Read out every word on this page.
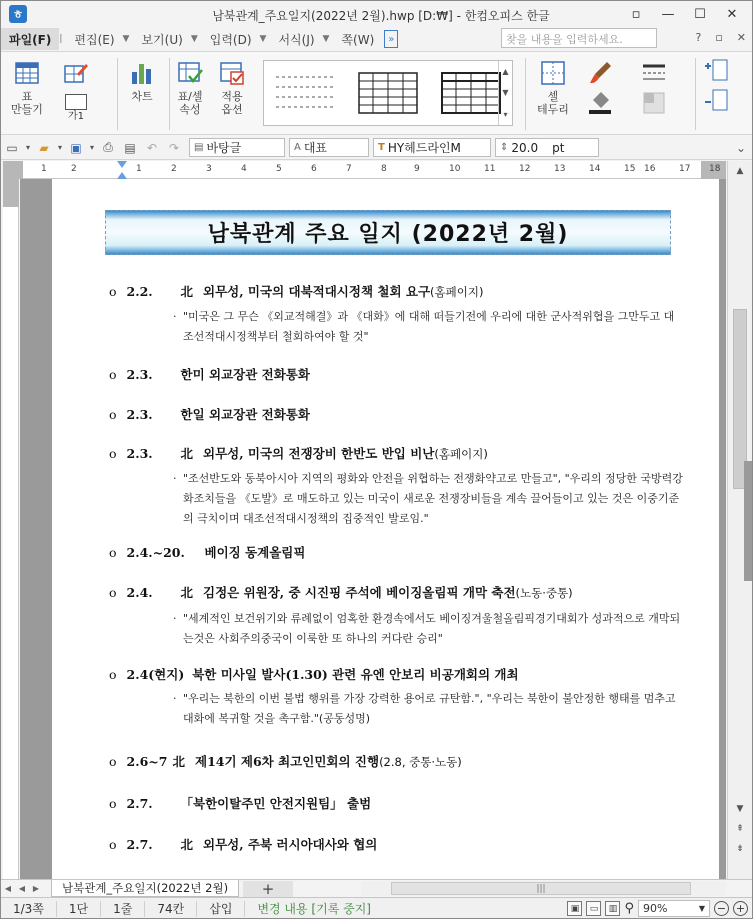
ㅎ	남북관계_주요일지(2022년 2월).hwp [D:₩] - 한컴오피스 한글	▫	—	☐	✕
파일(F) |	편집(E) ▼	보기(U) ▼	입력(D) ▼	서식(J) ▼	쪽(W)	»	찾을 내용을 입력하세요.	? ▫ ✕
표
만들기
가1
차트 표/셀
속성
적용
옵션
▲
▼
▾
셀
테두리
▭	▾ ▰	▾ ▣	▾ ⎙ ▤ ↶ ↷	▤ 바탕글	A 대표	T HY헤드라인M	⇕ 20.0 pt	⌄
1	2	1	2	3	4	5	6	7	8	9	10	11	12	13	14	15 16	17 18
남북관계 주요 일지 (2022년 2월)
o 2.2. 北 외무성, 미국의 대북적대시정책 철회 요구(홈페이지)
· "미국은 그 무슨 《외교적해결》과 《대화》에 대해 떠들기전에 우리에 대한 군사적위협을 그만두고 대조선적대시정책부터 철회하여야 할 것"
o 2.3. 한미 외교장관 전화통화
o 2.3. 한일 외교장관 전화통화
o 2.3. 北 외무성, 미국의 전쟁장비 한반도 반입 비난(홈페이지)
· "조선반도와 동북아시아 지역의 평화와 안전을 위협하는 전쟁화약고로 만들고", "우리의 정당한 국방력강화조치들을 《도발》로 매도하고 있는 미국이 새로운 전쟁장비들을 계속 끌어들이고 있는 것은 이중기준의 극치이며 대조선적대시정책의 집중적인 발로임."
o 2.4.~20. 베이징 동계올림픽
o 2.4. 北 김정은 위원장, 중 시진핑 주석에 베이징올림픽 개막 축전(노동·중통)
· "세계적인 보건위기와 류례없이 엄혹한 환경속에서도 베이징겨울철올림픽경기대회가 성과적으로 개막되는것은 사회주의중국이 이룩한 또 하나의 커다란 승리"
o 2.4(현지) 북한 미사일 발사(1.30) 관련 유엔 안보리 비공개회의 개최
· "우리는 북한의 이번 불법 행위를 가장 강력한 용어로 규탄함.", "우리는 북한이 불안정한 행태를 멈추고 대화에 복귀할 것을 촉구함."(공동성명)
o 2.6~7 北 제14기 제6차 최고인민회의 진행(2.8, 중통·노동)
o 2.7. 「북한이탈주민 안전지원팀」 출범
o 2.7. 北 외무성, 주북 러시아대사와 협의
▲
▼
⇞
⇟
◀ ◀ ▶	남북관계_주요일지(2022년 2월)	+	|||
1/3쪽	1단	1줄	74칸	삽입	변경 내용 [기록 중지]	▣	▭	▥ ⚲ 90%	▼ − +
